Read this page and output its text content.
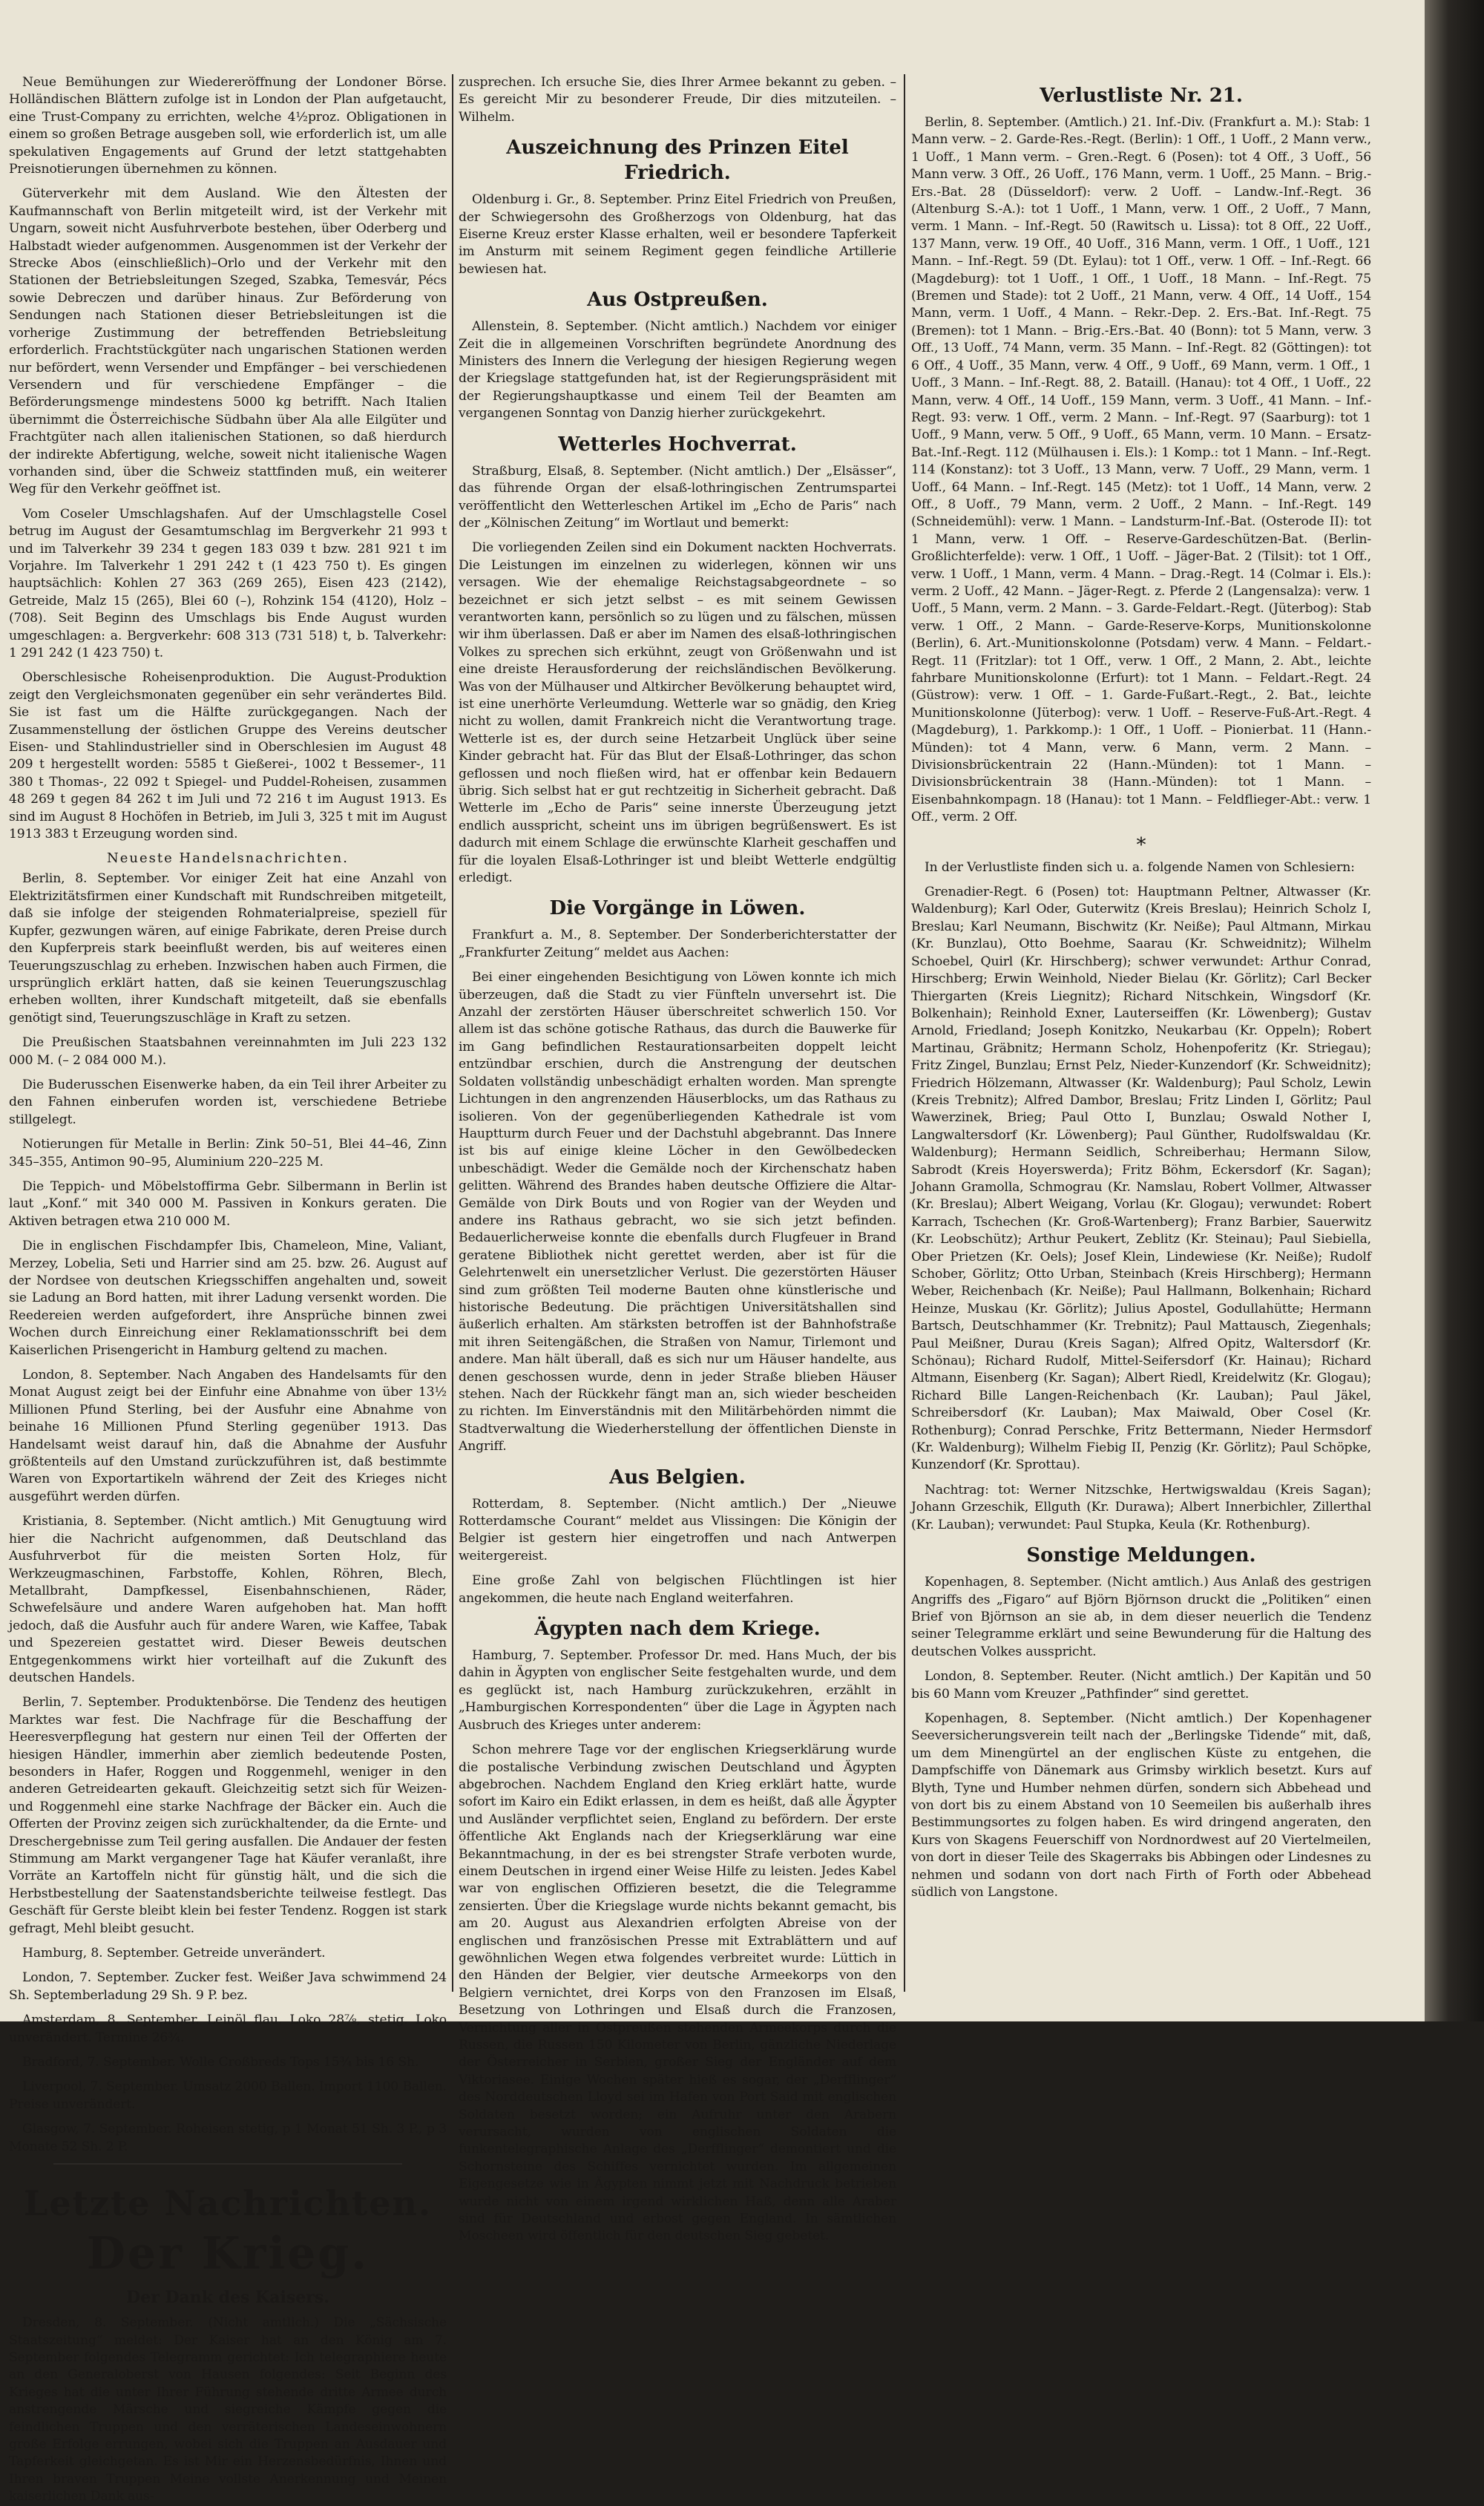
Neue Bemühungen zur Wiedereröffnung der Londoner Börse. Holländischen Blättern zufolge ist in London der Plan aufgetaucht, eine Trust-Company zu errichten, welche 4½proz. Obligationen in einem so großen Betrage ausgeben soll, wie erforderlich ist, um alle spekulativen Engagements auf Grund der letzt stattgehabten Preisnotierungen übernehmen zu können.

Güterverkehr mit dem Ausland. Wie den Ältesten der Kaufmannschaft von Berlin mitgeteilt wird, ist der Verkehr mit Ungarn, soweit nicht Ausfuhrverbote bestehen, über Oderberg und Halbstadt wieder aufgenommen. Ausgenommen ist der Verkehr der Strecke Abos (einschließlich)–Orlo und der Verkehr mit den Stationen der Betriebsleitungen Szeged, Szabka, Temesvár, Pécs sowie Debreczen und darüber hinaus. Zur Beförderung von Sendungen nach Stationen dieser Betriebsleitungen ist die vorherige Zustimmung der betreffenden Betriebsleitung erforderlich. Frachtstückgüter nach ungarischen Stationen werden nur befördert, wenn Versender und Empfänger – bei verschiedenen Versendern und für verschiedene Empfänger – die Beförderungsmenge mindestens 5000 kg betrifft. Nach Italien übernimmt die Österreichische Südbahn über Ala alle Eilgüter und Frachtgüter nach allen italienischen Stationen, so daß hierdurch der indirekte Abfertigung, welche, soweit nicht italienische Wagen vorhanden sind, über die Schweiz stattfinden muß, ein weiterer Weg für den Verkehr geöffnet ist.

Vom Coseler Umschlagshafen. Auf der Umschlagstelle Cosel betrug im August der Gesamtumschlag im Bergverkehr 21 993 t und im Talverkehr 39 234 t gegen 183 039 t bzw. 281 921 t im Vorjahre. Im Talverkehr 1 291 242 t (1 423 750 t). Es gingen hauptsächlich: Kohlen 27 363 (269 265), Eisen 423 (2142), Getreide, Malz 15 (265), Blei 60 (–), Rohzink 154 (4120), Holz – (708). Seit Beginn des Umschlags bis Ende August wurden umgeschlagen: a. Bergverkehr: 608 313 (731 518) t, b. Talverkehr: 1 291 242 (1 423 750) t.

Oberschlesische Roheisenproduktion. Die August-Produktion zeigt den Vergleichsmonaten gegenüber ein sehr verändertes Bild. Sie ist fast um die Hälfte zurückgegangen. Nach der Zusammenstellung der östlichen Gruppe des Vereins deutscher Eisen- und Stahlindustrieller sind in Oberschlesien im August 48 209 t hergestellt worden: 5585 t Gießerei-, 1002 t Bessemer-, 11 380 t Thomas-, 22 092 t Spiegel- und Puddel-Roheisen, zusammen 48 269 t gegen 84 262 t im Juli und 72 216 t im August 1913. Es sind im August 8 Hochöfen in Betrieb, im Juli 3, 325 t mit im August 1913 383 t Erzeugung worden sind.

Neueste Handelsnachrichten.

Berlin, 8. September. Vor einiger Zeit hat eine Anzahl von Elektrizitätsfirmen einer Kundschaft mit Rundschreiben mitgeteilt, daß sie infolge der steigenden Rohmaterialpreise, speziell für Kupfer, gezwungen wären, auf einige Fabrikate, deren Preise durch den Kupferpreis stark beeinflußt werden, bis auf weiteres einen Teuerungszuschlag zu erheben. Inzwischen haben auch Firmen, die ursprünglich erklärt hatten, daß sie keinen Teuerungszuschlag erheben wollten, ihrer Kundschaft mitgeteilt, daß sie ebenfalls genötigt sind, Teuerungszuschläge in Kraft zu setzen.

Die Preußischen Staatsbahnen vereinnahmten im Juli 223 132 000 M. (– 2 084 000 M.).

Die Buderusschen Eisenwerke haben, da ein Teil ihrer Arbeiter zu den Fahnen einberufen worden ist, verschiedene Betriebe stillgelegt.

Notierungen für Metalle in Berlin: Zink 50–51, Blei 44–46, Zinn 345–355, Antimon 90–95, Aluminium 220–225 M.

Die Teppich- und Möbelstoffirma Gebr. Silbermann in Berlin ist laut „Konf.“ mit 340 000 M. Passiven in Konkurs geraten. Die Aktiven betragen etwa 210 000 M.

Die in englischen Fischdampfer Ibis, Chameleon, Mine, Valiant, Merzey, Lobelia, Seti und Harrier sind am 25. bzw. 26. August auf der Nordsee von deutschen Kriegsschiffen angehalten und, soweit sie Ladung an Bord hatten, mit ihrer Ladung versenkt worden. Die Reedereien werden aufgefordert, ihre Ansprüche binnen zwei Wochen durch Einreichung einer Reklamationsschrift bei dem Kaiserlichen Prisengericht in Hamburg geltend zu machen.

London, 8. September. Nach Angaben des Handelsamts für den Monat August zeigt bei der Einfuhr eine Abnahme von über 13½ Millionen Pfund Sterling, bei der Ausfuhr eine Abnahme von beinahe 16 Millionen Pfund Sterling gegenüber 1913. Das Handelsamt weist darauf hin, daß die Abnahme der Ausfuhr größtenteils auf den Umstand zurückzuführen ist, daß bestimmte Waren von Exportartikeln während der Zeit des Krieges nicht ausgeführt werden dürfen.

Kristiania, 8. September. (Nicht amtlich.) Mit Genugtuung wird hier die Nachricht aufgenommen, daß Deutschland das Ausfuhrverbot für die meisten Sorten Holz, für Werkzeugmaschinen, Farbstoffe, Kohlen, Röhren, Blech, Metallbraht, Dampfkessel, Eisenbahnschienen, Räder, Schwefelsäure und andere Waren aufgehoben hat. Man hofft jedoch, daß die Ausfuhr auch für andere Waren, wie Kaffee, Tabak und Spezereien gestattet wird. Dieser Beweis deutschen Entgegenkommens wirkt hier vorteilhaft auf die Zukunft des deutschen Handels.

Berlin, 7. September. Produktenbörse. Die Tendenz des heutigen Marktes war fest. Die Nachfrage für die Beschaffung der Heeresverpflegung hat gestern nur einen Teil der Offerten der hiesigen Händler, immerhin aber ziemlich bedeutende Posten, besonders in Hafer, Roggen und Roggenmehl, weniger in den anderen Getreidearten gekauft. Gleichzeitig setzt sich für Weizen- und Roggenmehl eine starke Nachfrage der Bäcker ein. Auch die Offerten der Provinz zeigen sich zurückhaltender, da die Ernte- und Dreschergebnisse zum Teil gering ausfallen. Die Andauer der festen Stimmung am Markt vergangener Tage hat Käufer veranlaßt, ihre Vorräte an Kartoffeln nicht für günstig hält, und die sich die Herbstbestellung der Saatenstandsberichte teilweise festlegt. Das Geschäft für Gerste bleibt klein bei fester Tendenz. Roggen ist stark gefragt, Mehl bleibt gesucht.

Hamburg, 8. September. Getreide unverändert.

London, 7. September. Zucker fest. Weißer Java schwimmend 24 Sh. Septemberladung 29 Sh. 9 P. bez.

Amsterdam, 8. September. Leinöl flau. Loko 28⅞, stetig. Loko unverändert. Termine 26¾.

Bradford, 7. September. Wolle Croßbreds Tops 15¾ bis 16 Sh.

Liverpool, 7. September. Umsatz 2000 Ballen. Import 1100 Ballen. Preise unverändert.

Glasgow, 7. September. Roheisen stetig, p 1 Monat 51 Sh. 3 P., p 3 Monate 52 Sh. 2 P.

Letzte Nachrichten.
Der Krieg.
Der Dank des Kaisers.

Dresden, 8. September. (Nicht amtlich.) Die „Sächsische Staatszeitung“ meldet: Der Kaiser hat an den König am 7. September folgendes Telegramm gerichtet: Ich telegraphiere heute an den Generaloberst von Hausen folgendes: Seit Beginn des Krieges hat die unter Ihrer Führung stehende dritte Armee durch anstrengende Märsche und siegreiche Kämpfe gegen die feindlichen Truppen und den verräterischen Landeseinwohnern große Erfolge errungen, wobei sich die Truppen an Ausdauer und Tapferkeit gleichgetan. Es ist Mir ein Herzensbedürfnis, Ihnen und Ihren braven Truppen Meine vollste Anerkennung und Meinen kaiserlichen Dank aus-

zusprechen. Ich ersuche Sie, dies Ihrer Armee bekannt zu geben. – Es gereicht Mir zu besonderer Freude, Dir dies mitzuteilen. – Wilhelm.

Auszeichnung des Prinzen Eitel Friedrich.

Oldenburg i. Gr., 8. September. Prinz Eitel Friedrich von Preußen, der Schwiegersohn des Großherzogs von Oldenburg, hat das Eiserne Kreuz erster Klasse erhalten, weil er besondere Tapferkeit im Ansturm mit seinem Regiment gegen feindliche Artillerie bewiesen hat.

Aus Ostpreußen.

Allenstein, 8. September. (Nicht amtlich.) Nachdem vor einiger Zeit die in allgemeinen Vorschriften begründete Anordnung des Ministers des Innern die Verlegung der hiesigen Regierung wegen der Kriegslage stattgefunden hat, ist der Regierungspräsident mit der Regierungshauptkasse und einem Teil der Beamten am vergangenen Sonntag von Danzig hierher zurückgekehrt.

Wetterles Hochverrat.

Straßburg, Elsaß, 8. September. (Nicht amtlich.) Der „Elsässer“, das führende Organ der elsaß-lothringischen Zentrumspartei veröffentlicht den Wetterleschen Artikel im „Echo de Paris“ nach der „Kölnischen Zeitung“ im Wortlaut und bemerkt:

Die vorliegenden Zeilen sind ein Dokument nackten Hochverrats. Die Leistungen im einzelnen zu widerlegen, können wir uns versagen. Wie der ehemalige Reichstagsabgeordnete – so bezeichnet er sich jetzt selbst – es mit seinem Gewissen verantworten kann, persönlich so zu lügen und zu fälschen, müssen wir ihm überlassen. Daß er aber im Namen des elsaß-lothringischen Volkes zu sprechen sich erkühnt, zeugt von Größenwahn und ist eine dreiste Herausforderung der reichsländischen Bevölkerung. Was von der Mülhauser und Altkircher Bevölkerung behauptet wird, ist eine unerhörte Verleumdung. Wetterle war so gnädig, den Krieg nicht zu wollen, damit Frankreich nicht die Verantwortung trage. Wetterle ist es, der durch seine Hetzarbeit Unglück über seine Kinder gebracht hat. Für das Blut der Elsaß-Lothringer, das schon geflossen und noch fließen wird, hat er offenbar kein Bedauern übrig. Sich selbst hat er gut rechtzeitig in Sicherheit gebracht. Daß Wetterle im „Echo de Paris“ seine innerste Überzeugung jetzt endlich ausspricht, scheint uns im übrigen begrüßenswert. Es ist dadurch mit einem Schlage die erwünschte Klarheit geschaffen und für die loyalen Elsaß-Lothringer ist und bleibt Wetterle endgültig erledigt.

Die Vorgänge in Löwen.

Frankfurt a. M., 8. September. Der Sonderberichterstatter der „Frankfurter Zeitung“ meldet aus Aachen:

Bei einer eingehenden Besichtigung von Löwen konnte ich mich überzeugen, daß die Stadt zu vier Fünfteln unversehrt ist. Die Anzahl der zerstörten Häuser überschreitet schwerlich 150. Vor allem ist das schöne gotische Rathaus, das durch die Bauwerke für im Gang befindlichen Restaurationsarbeiten doppelt leicht entzündbar erschien, durch die Anstrengung der deutschen Soldaten vollständig unbeschädigt erhalten worden. Man sprengte Lichtungen in den angrenzenden Häuserblocks, um das Rathaus zu isolieren. Von der gegenüberliegenden Kathedrale ist vom Hauptturm durch Feuer und der Dachstuhl abgebrannt. Das Innere ist bis auf einige kleine Löcher in den Gewölbedecken unbeschädigt. Weder die Gemälde noch der Kirchenschatz haben gelitten. Während des Brandes haben deutsche Offiziere die Altar-Gemälde von Dirk Bouts und von Rogier van der Weyden und andere ins Rathaus gebracht, wo sie sich jetzt befinden. Bedauerlicherweise konnte die ebenfalls durch Flugfeuer in Brand geratene Bibliothek nicht gerettet werden, aber ist für die Gelehrtenwelt ein unersetzlicher Verlust. Die gezerstörten Häuser sind zum größten Teil moderne Bauten ohne künstlerische und historische Bedeutung. Die prächtigen Universitätshallen sind äußerlich erhalten. Am stärksten betroffen ist der Bahnhofstraße mit ihren Seitengäßchen, die Straßen von Namur, Tirlemont und andere. Man hält überall, daß es sich nur um Häuser handelte, aus denen geschossen wurde, denn in jeder Straße blieben Häuser stehen. Nach der Rückkehr fängt man an, sich wieder bescheiden zu richten. Im Einverständnis mit den Militärbehörden nimmt die Stadtverwaltung die Wiederherstellung der öffentlichen Dienste in Angriff.

Aus Belgien.

Rotterdam, 8. September. (Nicht amtlich.) Der „Nieuwe Rotterdamsche Courant“ meldet aus Vlissingen: Die Königin der Belgier ist gestern hier eingetroffen und nach Antwerpen weitergereist.

Eine große Zahl von belgischen Flüchtlingen ist hier angekommen, die heute nach England weiterfahren.

Ägypten nach dem Kriege.

Hamburg, 7. September. Professor Dr. med. Hans Much, der bis dahin in Ägypten von englischer Seite festgehalten wurde, und dem es geglückt ist, nach Hamburg zurückzukehren, erzählt in „Hamburgischen Korrespondenten“ über die Lage in Ägypten nach Ausbruch des Krieges unter anderem:

Schon mehrere Tage vor der englischen Kriegserklärung wurde die postalische Verbindung zwischen Deutschland und Ägypten abgebrochen. Nachdem England den Krieg erklärt hatte, wurde sofort im Kairo ein Edikt erlassen, in dem es heißt, daß alle Ägypter und Ausländer verpflichtet seien, England zu befördern. Der erste öffentliche Akt Englands nach der Kriegserklärung war eine Bekanntmachung, in der es bei strengster Strafe verboten wurde, einem Deutschen in irgend einer Weise Hilfe zu leisten. Jedes Kabel war von englischen Offizieren besetzt, die die Telegramme zensierten. Über die Kriegslage wurde nichts bekannt gemacht, bis am 20. August aus Alexandrien erfolgten Abreise von der englischen und französischen Presse mit Extrablättern und auf gewöhnlichen Wegen etwa folgendes verbreitet wurde: Lüttich in den Händen der Belgier, vier deutsche Armeekorps von den Belgiern vernichtet, drei Korps von den Franzosen im Elsaß, Besetzung von Lothringen und Elsaß durch die Franzosen, Vernichtung aller in Ostpreußen stehenden Armeekorps durch die Russen, die Russen 150 Kilometer von Berlin, gänzliche Niederlage der Österreicher in Serbien, großer Sieg der Engländer auf dem Viktoriasee. Einige Wochen später hieß es sogar, der „Derfflinger“ des Norddeutschen Lloyd sei im Hafen von Port Said mit englischen Soldaten besetzt worden; ein Aufruhr unter den Arabern verursacht, wurden von englischen Soldaten die funkentelegraphische Anlage des „Derfflinger“ demontiert und die Schornsteine des Schiffes vernichtet wurden. Im allgemeinen Eigengesetze wie in Ägypten nimmt jetzt mit Nachdruck betrieben wurde nicht von einem irgend wirklichen Haß, denn alle Araber sind für Deutschland und erbost gegen England. In sämtlichen Moscheen wird öffentlich für den deutschen Sieg gebetet.

Verlustliste Nr. 21.

Berlin, 8. September. (Amtlich.) 21. Inf.-Div. (Frankfurt a. M.): Stab: 1 Mann verw. – 2. Garde-Res.-Regt. (Berlin): 1 Off., 1 Uoff., 2 Mann verw., 1 Uoff., 1 Mann verm. – Gren.-Regt. 6 (Posen): tot 4 Off., 3 Uoff., 56 Mann verw. 3 Off., 26 Uoff., 176 Mann, verm. 1 Uoff., 25 Mann. – Brig.-Ers.-Bat. 28 (Düsseldorf): verw. 2 Uoff. – Landw.-Inf.-Regt. 36 (Altenburg S.-A.): tot 1 Uoff., 1 Mann, verw. 1 Off., 2 Uoff., 7 Mann, verm. 1 Mann. – Inf.-Regt. 50 (Rawitsch u. Lissa): tot 8 Off., 22 Uoff., 137 Mann, verw. 19 Off., 40 Uoff., 316 Mann, verm. 1 Off., 1 Uoff., 121 Mann. – Inf.-Regt. 59 (Dt. Eylau): tot 1 Off., verw. 1 Off. – Inf.-Regt. 66 (Magdeburg): tot 1 Uoff., 1 Off., 1 Uoff., 18 Mann. – Inf.-Regt. 75 (Bremen und Stade): tot 2 Uoff., 21 Mann, verw. 4 Off., 14 Uoff., 154 Mann, verm. 1 Uoff., 4 Mann. – Rekr.-Dep. 2. Ers.-Bat. Inf.-Regt. 75 (Bremen): tot 1 Mann. – Brig.-Ers.-Bat. 40 (Bonn): tot 5 Mann, verw. 3 Off., 13 Uoff., 74 Mann, verm. 35 Mann. – Inf.-Regt. 82 (Göttingen): tot 6 Off., 4 Uoff., 35 Mann, verw. 4 Off., 9 Uoff., 69 Mann, verm. 1 Off., 1 Uoff., 3 Mann. – Inf.-Regt. 88, 2. Bataill. (Hanau): tot 4 Off., 1 Uoff., 22 Mann, verw. 4 Off., 14 Uoff., 159 Mann, verm. 3 Uoff., 41 Mann. – Inf.-Regt. 93: verw. 1 Off., verm. 2 Mann. – Inf.-Regt. 97 (Saarburg): tot 1 Uoff., 9 Mann, verw. 5 Off., 9 Uoff., 65 Mann, verm. 10 Mann. – Ersatz-Bat.-Inf.-Regt. 112 (Mülhausen i. Els.): 1 Komp.: tot 1 Mann. – Inf.-Regt. 114 (Konstanz): tot 3 Uoff., 13 Mann, verw. 7 Uoff., 29 Mann, verm. 1 Uoff., 64 Mann. – Inf.-Regt. 145 (Metz): tot 1 Uoff., 14 Mann, verw. 2 Off., 8 Uoff., 79 Mann, verm. 2 Uoff., 2 Mann. – Inf.-Regt. 149 (Schneidemühl): verw. 1 Mann. – Landsturm-Inf.-Bat. (Osterode II): tot 1 Mann, verw. 1 Off. – Reserve-Gardeschützen-Bat. (Berlin-Großlichterfelde): verw. 1 Off., 1 Uoff. – Jäger-Bat. 2 (Tilsit): tot 1 Off., verw. 1 Uoff., 1 Mann, verm. 4 Mann. – Drag.-Regt. 14 (Colmar i. Els.): verm. 2 Uoff., 42 Mann. – Jäger-Regt. z. Pferde 2 (Langensalza): verw. 1 Uoff., 5 Mann, verm. 2 Mann. – 3. Garde-Feldart.-Regt. (Jüterbog): Stab verw. 1 Off., 2 Mann. – Garde-Reserve-Korps, Munitionskolonne (Berlin), 6. Art.-Munitionskolonne (Potsdam) verw. 4 Mann. – Feldart.-Regt. 11 (Fritzlar): tot 1 Off., verw. 1 Off., 2 Mann, 2. Abt., leichte fahrbare Munitionskolonne (Erfurt): tot 1 Mann. – Feldart.-Regt. 24 (Güstrow): verw. 1 Off. – 1. Garde-Fußart.-Regt., 2. Bat., leichte Munitionskolonne (Jüterbog): verw. 1 Uoff. – Reserve-Fuß-Art.-Regt. 4 (Magdeburg), 1. Parkkomp.): 1 Off., 1 Uoff. – Pionierbat. 11 (Hann.-Münden): tot 4 Mann, verw. 6 Mann, verm. 2 Mann. – Divisionsbrückentrain 22 (Hann.-Münden): tot 1 Mann. – Divisionsbrückentrain 38 (Hann.-Münden): tot 1 Mann. – Eisenbahnkompagn. 18 (Hanau): tot 1 Mann. – Feldflieger-Abt.: verw. 1 Off., verm. 2 Off.

*

In der Verlustliste finden sich u. a. folgende Namen von Schlesiern:

Grenadier-Regt. 6 (Posen) tot: Hauptmann Peltner, Altwasser (Kr. Waldenburg); Karl Oder, Guterwitz (Kreis Breslau); Heinrich Scholz I, Breslau; Karl Neumann, Bischwitz (Kr. Neiße); Paul Altmann, Mirkau (Kr. Bunzlau), Otto Boehme, Saarau (Kr. Schweidnitz); Wilhelm Schoebel, Quirl (Kr. Hirschberg); schwer verwundet: Arthur Conrad, Hirschberg; Erwin Weinhold, Nieder Bielau (Kr. Görlitz); Carl Becker Thiergarten (Kreis Liegnitz); Richard Nitschkein, Wingsdorf (Kr. Bolkenhain); Reinhold Exner, Lauterseiffen (Kr. Löwenberg); Gustav Arnold, Friedland; Joseph Konitzko, Neukarbau (Kr. Oppeln); Robert Martinau, Gräbnitz; Hermann Scholz, Hohenpoferitz (Kr. Striegau); Fritz Zingel, Bunzlau; Ernst Pelz, Nieder-Kunzendorf (Kr. Schweidnitz); Friedrich Hölzemann, Altwasser (Kr. Waldenburg); Paul Scholz, Lewin (Kreis Trebnitz); Alfred Dambor, Breslau; Fritz Linden I, Görlitz; Paul Wawerzinek, Brieg; Paul Otto I, Bunzlau; Oswald Nother I, Langwaltersdorf (Kr. Löwenberg); Paul Günther, Rudolfswaldau (Kr. Waldenburg); Hermann Seidlich, Schreiberhau; Hermann Silow, Sabrodt (Kreis Hoyerswerda); Fritz Böhm, Eckersdorf (Kr. Sagan); Johann Gramolla, Schmograu (Kr. Namslau, Robert Vollmer, Altwasser (Kr. Breslau); Albert Weigang, Vorlau (Kr. Glogau); verwundet: Robert Karrach, Tschechen (Kr. Groß-Wartenberg); Franz Barbier, Sauerwitz (Kr. Leobschütz); Arthur Peukert, Zeblitz (Kr. Steinau); Paul Siebiella, Ober Prietzen (Kr. Oels); Josef Klein, Lindewiese (Kr. Neiße); Rudolf Schober, Görlitz; Otto Urban, Steinbach (Kreis Hirschberg); Hermann Weber, Reichenbach (Kr. Neiße); Paul Hallmann, Bolkenhain; Richard Heinze, Muskau (Kr. Görlitz); Julius Apostel, Godullahütte; Hermann Bartsch, Deutschhammer (Kr. Trebnitz); Paul Mattausch, Ziegenhals; Paul Meißner, Durau (Kreis Sagan); Alfred Opitz, Waltersdorf (Kr. Schönau); Richard Rudolf, Mittel-Seifersdorf (Kr. Hainau); Richard Altmann, Eisenberg (Kr. Sagan); Albert Riedl, Kreidelwitz (Kr. Glogau); Richard Bille Langen-Reichenbach (Kr. Lauban); Paul Jäkel, Schreibersdorf (Kr. Lauban); Max Maiwald, Ober Cosel (Kr. Rothenburg); Conrad Perschke, Fritz Bettermann, Nieder Hermsdorf (Kr. Waldenburg); Wilhelm Fiebig II, Penzig (Kr. Görlitz); Paul Schöpke, Kunzendorf (Kr. Sprottau).

Nachtrag: tot: Werner Nitzschke, Hertwigswaldau (Kreis Sagan); Johann Grzeschik, Ellguth (Kr. Durawa); Albert Innerbichler, Zillerthal (Kr. Lauban); verwundet: Paul Stupka, Keula (Kr. Rothenburg).

Sonstige Meldungen.

Kopenhagen, 8. September. (Nicht amtlich.) Aus Anlaß des gestrigen Angriffs des „Figaro“ auf Björn Björnson druckt die „Politiken“ einen Brief von Björnson an sie ab, in dem dieser neuerlich die Tendenz seiner Telegramme erklärt und seine Bewunderung für die Haltung des deutschen Volkes ausspricht.

London, 8. September. Reuter. (Nicht amtlich.) Der Kapitän und 50 bis 60 Mann vom Kreuzer „Pathfinder“ sind gerettet.

Kopenhagen, 8. September. (Nicht amtlich.) Der Kopenhagener Seeversicherungsverein teilt nach der „Berlingske Tidende“ mit, daß, um dem Minengürtel an der englischen Küste zu entgehen, die Dampfschiffe von Dänemark aus Grimsby wirklich besetzt. Kurs auf Blyth, Tyne und Humber nehmen dürfen, sondern sich Abbehead und von dort bis zu einem Abstand von 10 Seemeilen bis außerhalb ihres Bestimmungsortes zu folgen haben. Es wird dringend angeraten, den Kurs von Skagens Feuerschiff von Nordnordwest auf 20 Viertelmeilen, von dort in dieser Teile des Skagerraks bis Abbingen oder Lindesnes zu nehmen und sodann von dort nach Firth of Forth oder Abbehead südlich von Langstone.
